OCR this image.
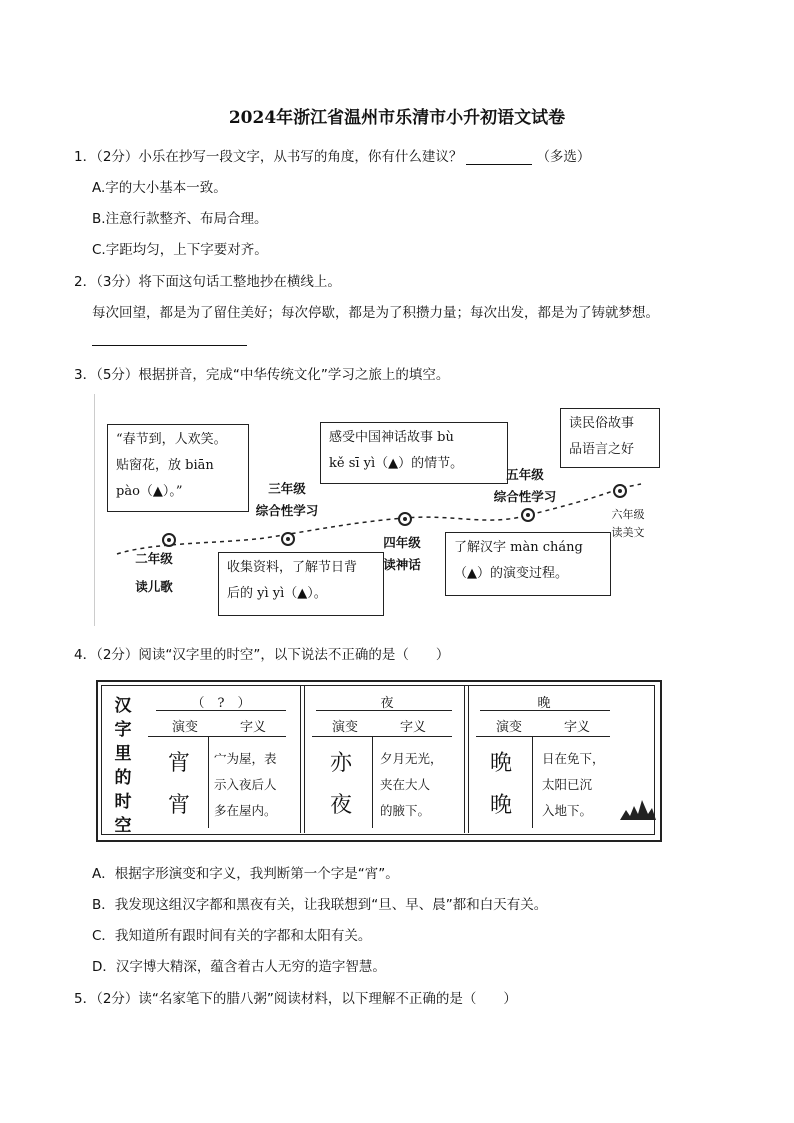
2024年浙江省温州市乐清市小升初语文试卷
1．（2分）小乐在抄写一段文字，从书写的角度，你有什么建议？	（多选）
A.字的大小基本一致。
B.注意行款整齐、布局合理。
C.字距均匀，上下字要对齐。
2．（3分）将下面这句话工整地抄在横线上。
每次回望，都是为了留住美好；每次停歇，都是为了积攒力量；每次出发，都是为了铸就梦想。
3．（5分）根据拼音，完成“中华传统文化”学习之旅上的填空。
“春节到，人欢笑。
贴窗花，放 biān
pào（▲）。”
感受中国神话故事 bù
kě sī yì（▲）的情节。
读民俗故事
品语言之好
收集资料，了解节日背
后的 yì yì（▲）。
了解汉字 màn cháng
（▲）的演变过程。
二年级
读儿歌
三年级
综合性学习
四年级
读神话
五年级
综合性学习
六年级
读美文
4．（2分）阅读“汉字里的时空”，以下说法不正确的是（　　）
汉
字
里
的
时
空
（　?　）
演变	字义
宵
宵
宀为屋，表
示入夜后人
多在屋内。
夜
演变	字义
亦
夜
夕月无光，
夹在大人
的腋下。
晚
演变	字义
晩
晚
日在免下，
太阳已沉
入地下。
A．根据字形演变和字义，我判断第一个字是“宵”。
B．我发现这组汉字都和黑夜有关，让我联想到“旦、早、晨”都和白天有关。
C．我知道所有跟时间有关的字都和太阳有关。
D．汉字博大精深，蕴含着古人无穷的造字智慧。
5．（2分）读“名家笔下的腊八粥”阅读材料，以下理解不正确的是（　　）
